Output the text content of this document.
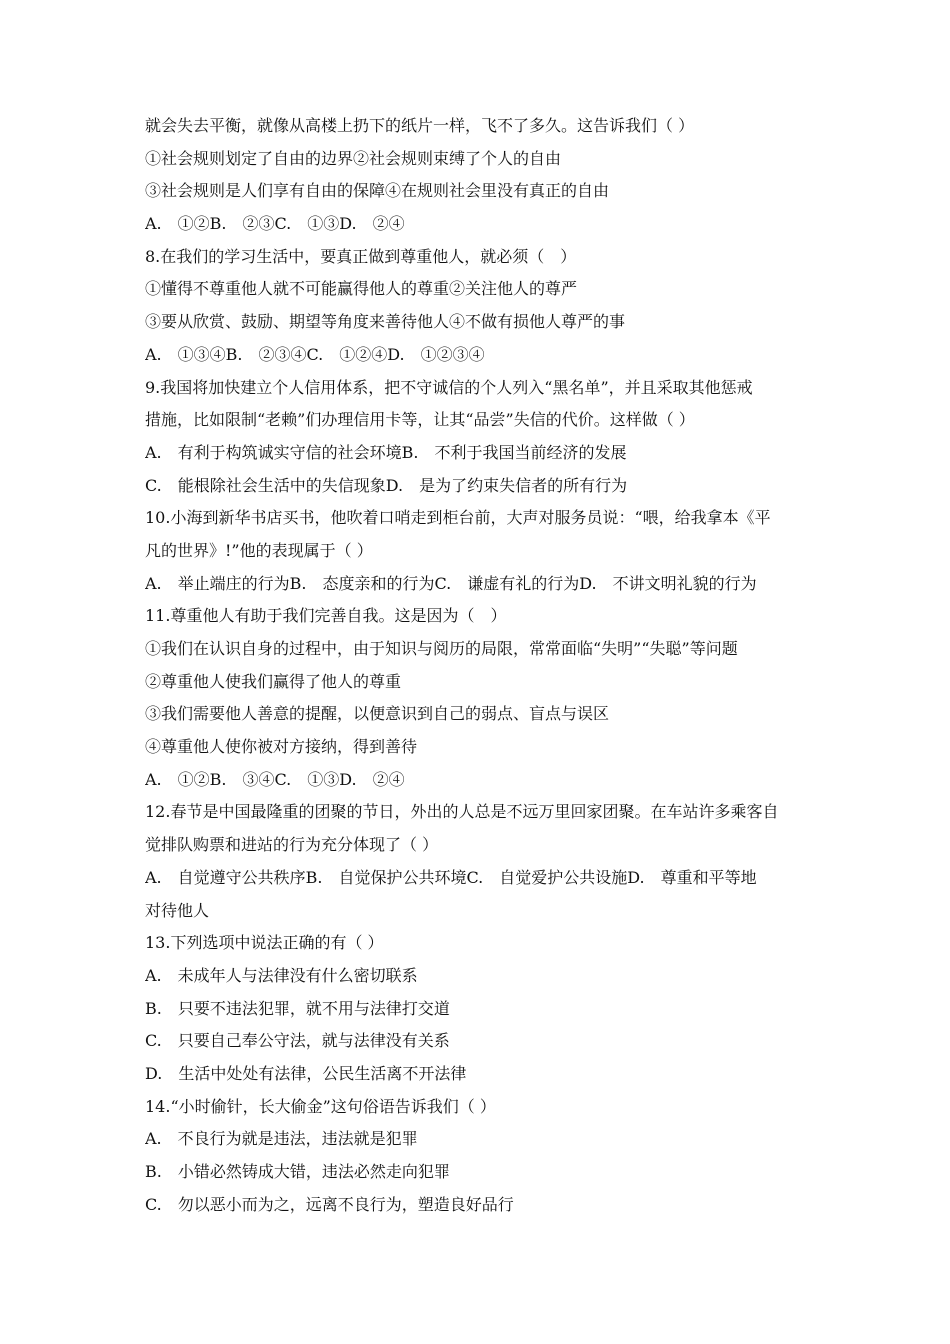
就会失去平衡，就像从高楼上扔下的纸片一样，飞不了多久。这告诉我们（ ）
①社会规则划定了自由的边界②社会规则束缚了个人的自由
③社会规则是人们享有自由的保障④在规则社会里没有真正的自由
A.　①②B.　②③C.　①③D.　②④
8.在我们的学习生活中，要真正做到尊重他人，就必须（　）
①懂得不尊重他人就不可能赢得他人的尊重②关注他人的尊严
③要从欣赏、鼓励、期望等角度来善待他人④不做有损他人尊严的事
A.　①③④B.　②③④C.　①②④D.　①②③④
9.我国将加快建立个人信用体系，把不守诚信的个人列入“黑名单”，并且采取其他惩戒
措施，比如限制“老赖”们办理信用卡等，让其“品尝”失信的代价。这样做（ ）
A.　有利于构筑诚实守信的社会环境B.　不利于我国当前经济的发展
C.　能根除社会生活中的失信现象D.　是为了约束失信者的所有行为
10.小海到新华书店买书，他吹着口哨走到柜台前，大声对服务员说：“喂，给我拿本《平
凡的世界》!”他的表现属于（ ）
A.　举止端庄的行为B.　态度亲和的行为C.　谦虚有礼的行为D.　不讲文明礼貌的行为
11.尊重他人有助于我们完善自我。这是因为（　）
①我们在认识自身的过程中，由于知识与阅历的局限，常常面临“失明”“失聪”等问题
②尊重他人使我们赢得了他人的尊重
③我们需要他人善意的提醒，以便意识到自己的弱点、盲点与误区
④尊重他人使你被对方接纳，得到善待
A.　①②B.　③④C.　①③D.　②④
12.春节是中国最隆重的团聚的节日，外出的人总是不远万里回家团聚。在车站许多乘客自
觉排队购票和进站的行为充分体现了（ ）
A.　自觉遵守公共秩序B.　自觉保护公共环境C.　自觉爱护公共设施D.　尊重和平等地
对待他人
13.下列选项中说法正确的有（ ）
A.　未成年人与法律没有什么密切联系
B.　只要不违法犯罪，就不用与法律打交道
C.　只要自己奉公守法，就与法律没有关系
D.　生活中处处有法律，公民生活离不开法律
14.“小时偷针，长大偷金”这句俗语告诉我们（ ）
A.　不良行为就是违法，违法就是犯罪
B.　小错必然铸成大错，违法必然走向犯罪
C.　勿以恶小而为之，远离不良行为，塑造良好品行
